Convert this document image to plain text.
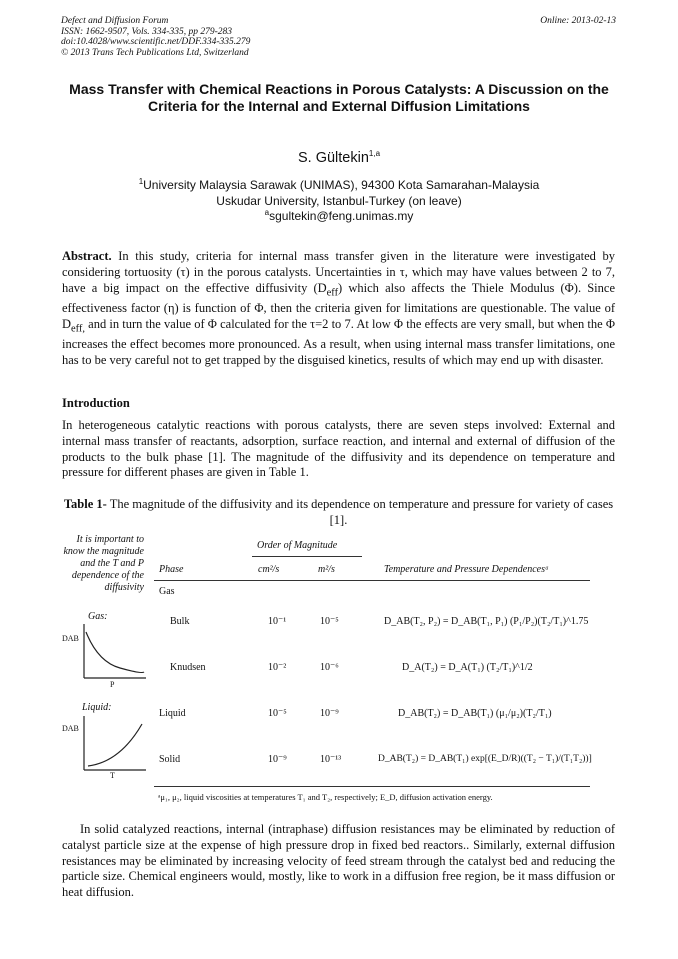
Defect and Diffusion Forum
ISSN: 1662-9507, Vols. 334-335, pp 279-283
doi:10.4028/www.scientific.net/DDF.334-335.279
© 2013 Trans Tech Publications Ltd, Switzerland
Online: 2013-02-13
Mass Transfer with Chemical Reactions in Porous Catalysts: A Discussion on the Criteria for the Internal and External Diffusion Limitations
S. Gültekin$^{1,a}$
$^1$University Malaysia Sarawak (UNIMAS), 94300 Kota Samarahan-Malaysia
Uskudar University, Istanbul-Turkey (on leave)
$^a$sgultekin@feng.unimas.my
Abstract. In this study, criteria for internal mass transfer given in the literature were investigated by considering tortuosity (τ) in the porous catalysts. Uncertainties in τ, which may have values between 2 to 7, have a big impact on the effective diffusivity $(D_{eff})$ which also affects the Thiele Modulus (Φ). Since effectiveness factor (η) is function of Φ, then the criteria given for limitations are questionable. The value of $D_{eff,}$ and in turn the value of Φ calculated for the τ=2 to 7. At low Φ the effects are very small, but when the Φ increases the effect becomes more pronounced. As a result, when using internal mass transfer limitations, one has to be very careful not to get trapped by the disguised kinetics, results of which may end up with disaster.
Introduction
In heterogeneous catalytic reactions with porous catalysts, there are seven steps involved: External and internal mass transfer of reactants, adsorption, surface reaction, and internal and external of diffusion of the products to the bulk phase [1]. The magnitude of the diffusivity and its dependence on temperature and pressure for different phases are given in Table 1.
Table 1- The magnitude of the diffusivity and its dependence on temperature and pressure for variety of cases [1].
It is important to know the magnitude and the T and P dependence of the diffusivity
Gas:
DAB
P
Liquid:
DAB
T
Order of Magnitude
Phase	cm²/s	m²/s	Temperature and Pressure Dependencesᵃ
Gas
Bulk	10⁻¹	10⁻⁵	D_AB(T₂, P₂) = D_AB(T₁, P₁) (P₁/P₂)(T₂/T₁)^1.75
Knudsen	10⁻²	10⁻⁶	D_A(T₂) = D_A(T₁) (T₂/T₁)^1/2
Liquid	10⁻⁵	10⁻⁹	D_AB(T₂) = D_AB(T₁) (μ₁/μ₂)(T₂/T₁)
Solid	10⁻⁹	10⁻¹³	D_AB(T₂) = D_AB(T₁) exp[(E_D/R)((T₂ − T₁)/(T₁T₂))]
ᵃμ₁, μ₂, liquid viscosities at temperatures T₁ and T₂, respectively; E_D, diffusion activation energy.
In solid catalyzed reactions, internal (intraphase) diffusion resistances may be eliminated by reduction of catalyst particle size at the expense of high pressure drop in fixed bed reactors.. Similarly, external diffusion resistances may be eliminated by increasing velocity of feed stream through the catalyst bed and reducing the particle size. Chemical engineers would, mostly, like to work in a diffusion free region, be it mass diffusion or heat diffusion.
